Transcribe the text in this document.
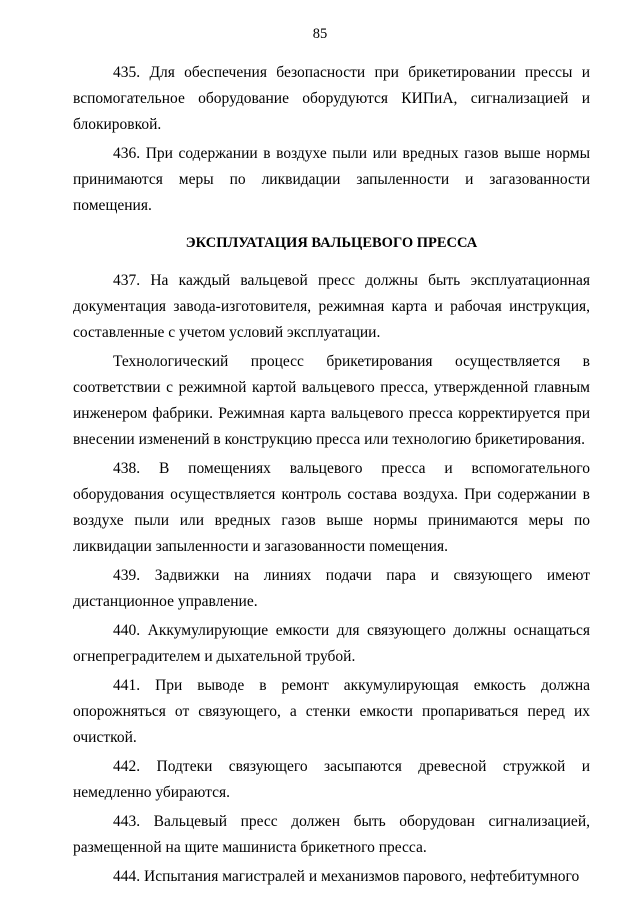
85

435. Для обеспечения безопасности при брикетировании прессы и вспомогательное оборудование оборудуются КИПиА, сигнализацией и блокировкой.

436. При содержании в воздухе пыли или вредных газов выше нормы принимаются меры по ликвидации запыленности и загазованности помещения.

ЭКСПЛУАТАЦИЯ ВАЛЬЦЕВОГО ПРЕССА

437. На каждый вальцевой пресс должны быть эксплуатационная документация завода-изготовителя, режимная карта и рабочая инструкция, составленные с учетом условий эксплуатации.

Технологический процесс брикетирования осуществляется в соответствии с режимной картой вальцевого пресса, утвержденной главным инженером фабрики. Режимная карта вальцевого пресса корректируется при внесении изменений в конструкцию пресса или технологию брикетирования.

438. В помещениях вальцевого пресса и вспомогательного оборудования осуществляется контроль состава воздуха. При содержании в воздухе пыли или вредных газов выше нормы принимаются меры по ликвидации запыленности и загазованности помещения.

439. Задвижки на линиях подачи пара и связующего имеют дистанционное управление.

440. Аккумулирующие емкости для связующего должны оснащаться огнепреградителем и дыхательной трубой.

441. При выводе в ремонт аккумулирующая емкость должна опорожняться от связующего, а стенки емкости пропариваться перед их очисткой.

442. Подтеки связующего засыпаются древесной стружкой и немедленно убираются.

443. Вальцевый пресс должен быть оборудован сигнализацией, размещенной на щите машиниста брикетного пресса.

444. Испытания магистралей и механизмов парового, нефтебитумного
